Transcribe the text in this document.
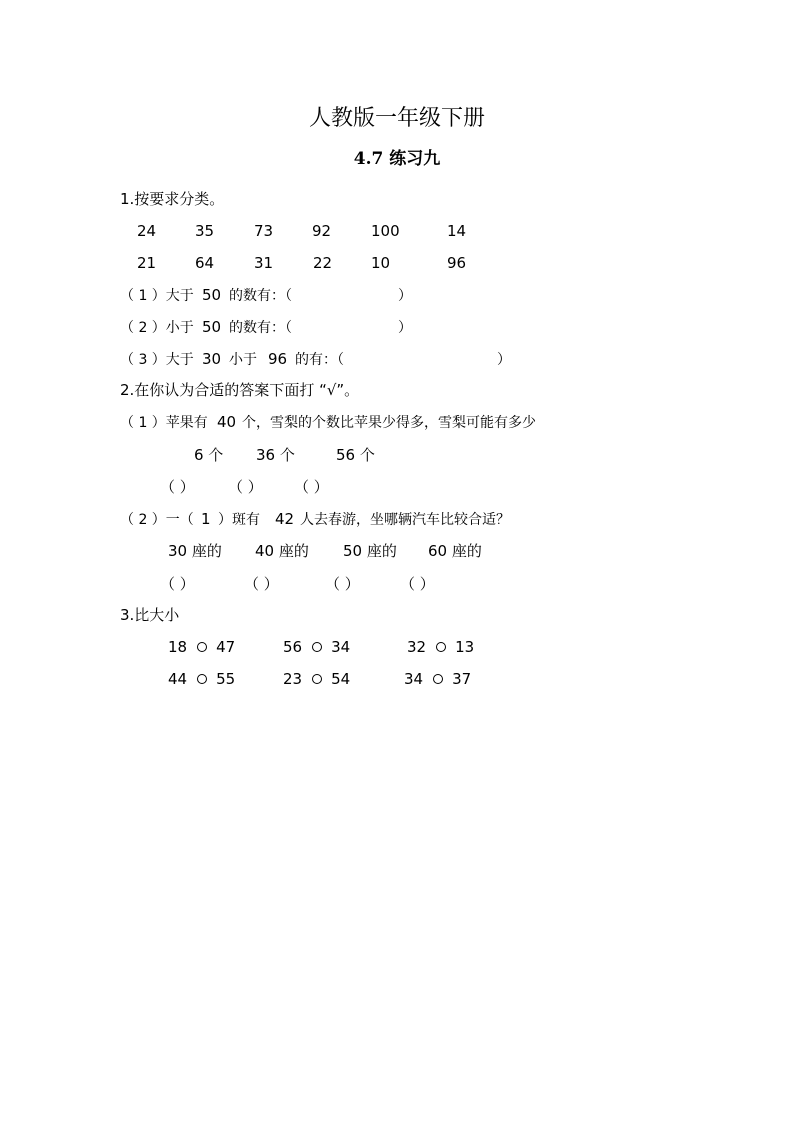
人教版一年级下册
4.7 练习九
1.按要求分类。
24	35	73	92	100	14
21	64	31	22	10	96
（ 1 ）大于 50 的数有：（	）
（ 2 ）小于 50 的数有：（	）
（ 3 ）大于 30 小于 96 的有：（	）
2.在你认为合适的答案下面打 “√”。
（ 1 ）苹果有 40 个，雪梨的个数比苹果少得多，雪梨可能有多少
6 个 36 个	56 个
（ ） （ ） （ ）
（ 2 ）一（ 1 ）斑有 42 人去春游，坐哪辆汽车比较合适？
30 座的 40 座的 50 座的 60 座的
（ ）	（ ）	（ ）	（ ）
3.比大小
18 47	56 34	32 13
44 55	23 54	34 37
